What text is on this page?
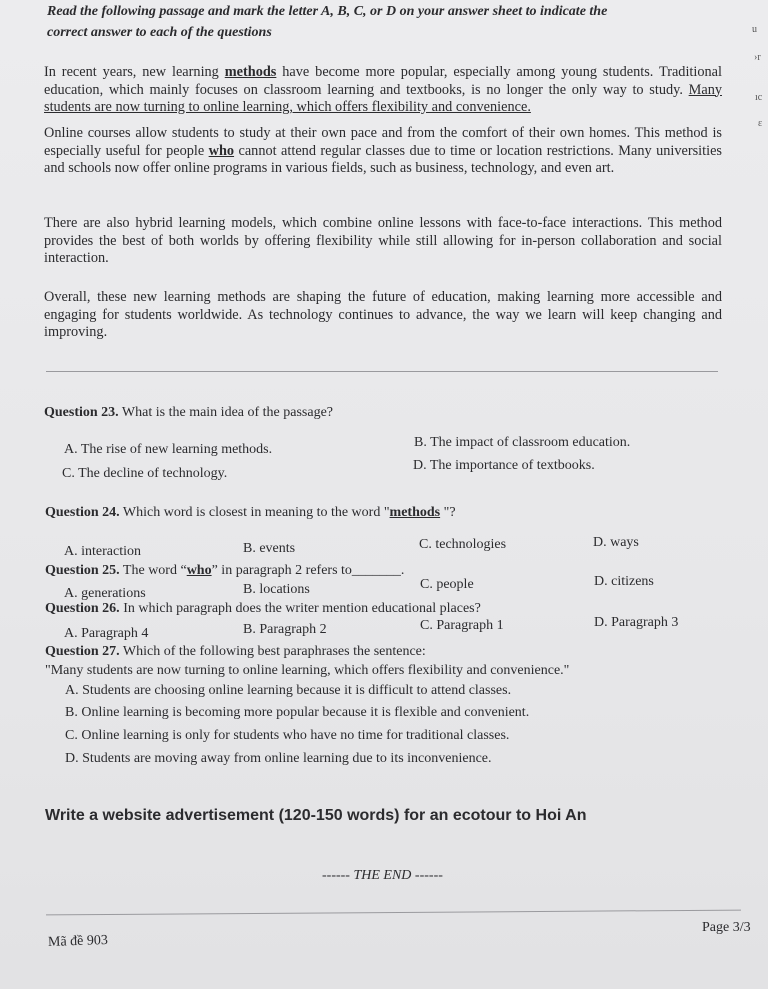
Read the following passage and mark the letter A, B, C, or D on your answer sheet to indicate the
correct answer to each of the questions
In recent years, new learning methods have become more popular, especially among young students. Traditional education, which mainly focuses on classroom learning and textbooks, is no longer the only way to study. Many students are now turning to online learning, which offers flexibility and convenience.
Online courses allow students to study at their own pace and from the comfort of their own homes. This method is especially useful for people who cannot attend regular classes due to time or location restrictions. Many universities and schools now offer online programs in various fields, such as business, technology, and even art.
There are also hybrid learning models, which combine online lessons with face-to-face interactions. This method provides the best of both worlds by offering flexibility while still allowing for in-person collaboration and social interaction.
Overall, these new learning methods are shaping the future of education, making learning more accessible and engaging for students worldwide. As technology continues to advance, the way we learn will keep changing and improving.
Question 23. What is the main idea of the passage?
A. The rise of new learning methods.	B. The impact of classroom education.
C. The decline of technology.
D. The importance of textbooks.
Question 24. Which word is closest in meaning to the word "methods "?
A. interaction	B. events	C. technologies	D. ways
Question 25. The word “who” in paragraph 2 refers to_______.
A. generations	B. locations	C. people	D. citizens
Question 26. In which paragraph does the writer mention educational places?
A. Paragraph 4	B. Paragraph 2	C. Paragraph 1	D. Paragraph 3
Question 27. Which of the following best paraphrases the sentence:
"Many students are now turning to online learning, which offers flexibility and convenience."
A. Students are choosing online learning because it is difficult to attend classes.
B. Online learning is becoming more popular because it is flexible and convenient.
C. Online learning is only for students who have no time for traditional classes.
D. Students are moving away from online learning due to its inconvenience.
Write a website advertisement (120-150 words) for an ecotour to Hoi An
------ THE END ------
Mã đề 903
Page 3/3
u
›r
ıc
ɛ
